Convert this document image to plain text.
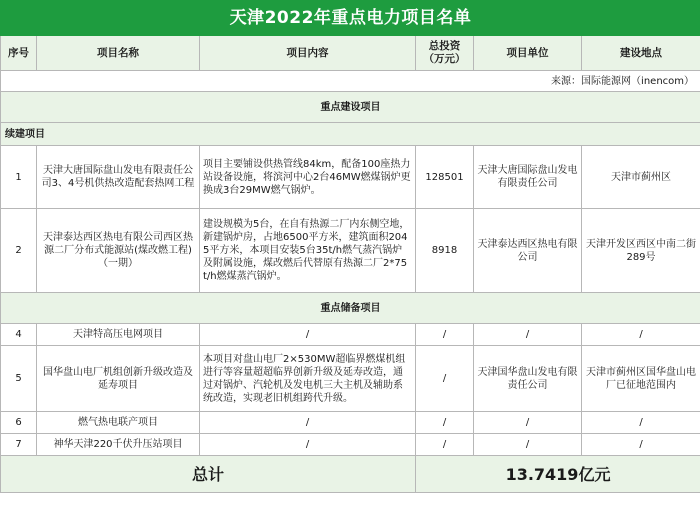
天津2022年重点电力项目名单					
序号	项目名称	项目内容	总投资（万元）	项目单位	建设地点
来源：国际能源网（inencom）					
重点建设项目					
续建项目					
1	天津大唐国际盘山发电有限责任公司3、4号机供热改造配套热网工程	项目主要铺设供热管线84km，配备100座热力站设备设施，将滨河中心2台46MW燃煤锅炉更换成3台29MW燃气锅炉。	128501	天津大唐国际盘山发电有限责任公司	天津市蓟州区
2	天津泰达西区热电有限公司西区热源二厂分布式能源站(煤改燃工程)（一期）	建设规模为5台，在自有热源二厂内东侧空地，新建锅炉房，占地6500平方米，建筑面积2045平方米，本项目安装5台35t/h燃气蒸汽锅炉及附属设施，煤改燃后代替原有热源二厂2*75t/h燃煤蒸汽锅炉。	8918	天津泰达西区热电有限公司	天津开发区西区中南二街289号
重点储备项目					
4	天津特高压电网项目	/	/	/	/
5	国华盘山电厂机组创新升级改造及延寿项目	本项目对盘山电厂2×530MW超临界燃煤机组进行等容量超超临界创新升级及延寿改造，通过对锅炉、汽轮机及发电机三大主机及辅助系统改造，实现老旧机组跨代升级。	/	天津国华盘山发电有限责任公司	天津市蓟州区国华盘山电厂已征地范围内
6	燃气热电联产项目	/	/	/	/
7	神华天津220千伏升压站项目	/	/	/	/
总计			13.7419亿元		
